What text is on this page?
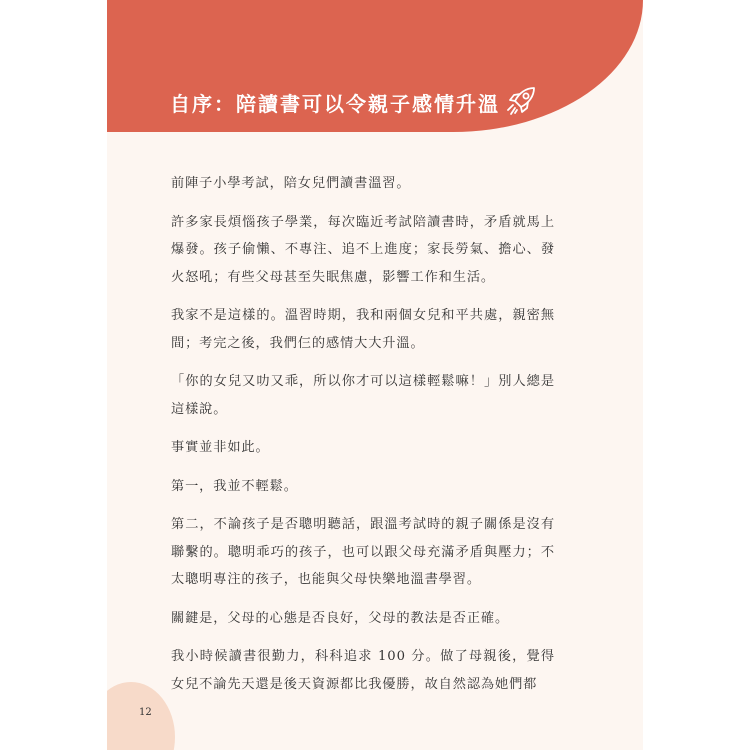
自序：陪讀書可以令親子感情升溫

前陣子小學考試，陪女兒們讀書溫習。

許多家長煩惱孩子學業，每次臨近考試陪讀書時，矛盾就馬上爆發。孩子偷懶、不專注、追不上進度；家長勞氣、擔心、發火怒吼；有些父母甚至失眠焦慮，影響工作和生活。

我家不是這樣的。溫習時期，我和兩個女兒和平共處，親密無間；考完之後，我們仨的感情大大升溫。

「你的女兒又叻又乖，所以你才可以這樣輕鬆嘛！」別人總是這樣說。

事實並非如此。

第一，我並不輕鬆。

第二，不論孩子是否聰明聽話，跟溫考試時的親子關係是沒有聯繫的。聰明乖巧的孩子，也可以跟父母充滿矛盾與壓力；不太聰明專注的孩子，也能與父母快樂地溫書學習。

關鍵是，父母的心態是否良好，父母的教法是否正確。

我小時候讀書很勤力，科科追求 100 分。做了母親後，覺得女兒不論先天還是後天資源都比我優勝，故自然認為她們都

12
